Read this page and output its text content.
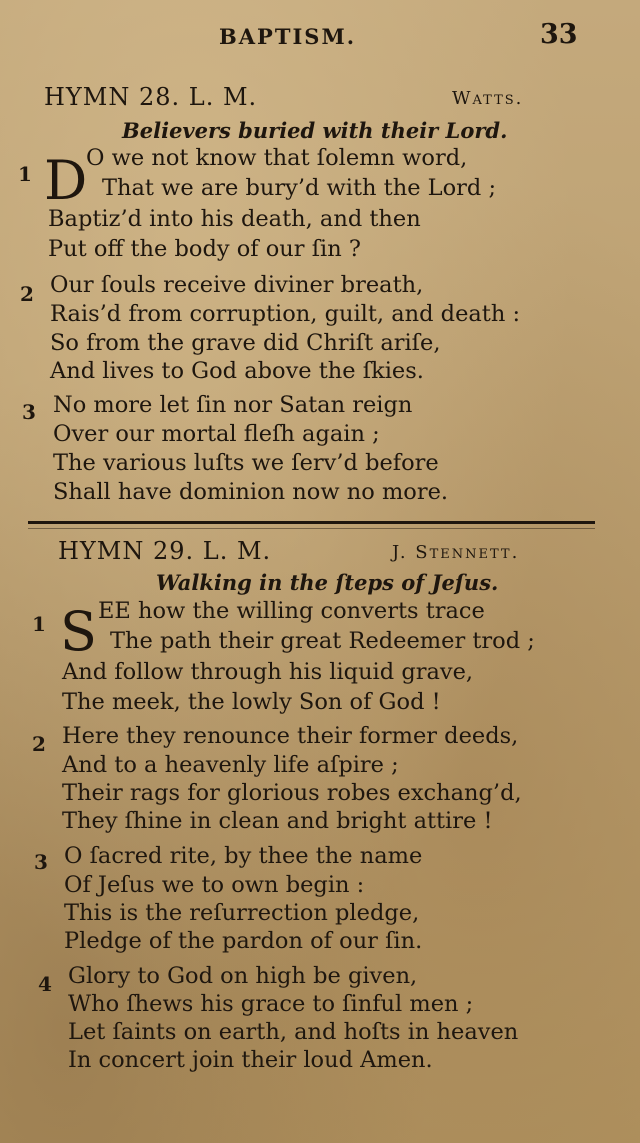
BAPTISM.	33
HYMN 28. L. M.	Watts.
Believers buried with their Lord.
1 D
O we not know that ſolemn word,
That we are bury’d with the Lord ;
Baptiz’d into his death, and then
Put off the body of our ſin ?
2 Our ſouls receive diviner breath,
Rais’d from corruption, guilt, and death :
So from the grave did Chriſt ariſe,
And lives to God above the ſkies.
3 No more let ſin nor Satan reign
Over our mortal fleſh again ;
The various luſts we ſerv’d before
Shall have dominion now no more.
HYMN 29. L. M.	J. Stennett.
Walking in the ſteps of Jeſus.
1 S EE how the willing converts trace
The path their great Redeemer trod ;
And follow through his liquid grave,
The meek, the lowly Son of God !
2 Here they renounce their former deeds,
And to a heavenly life aſpire ;
Their rags for glorious robes exchang’d,
They ſhine in clean and bright attire !
3 O ſacred rite, by thee the name
Of Jeſus we to own begin :
This is the reſurrection pledge,
Pledge of the pardon of our ſin.
4 Glory to God on high be given,
Who ſhews his grace to ſinful men ;
Let ſaints on earth, and hoſts in heaven
In concert join their loud Amen.
